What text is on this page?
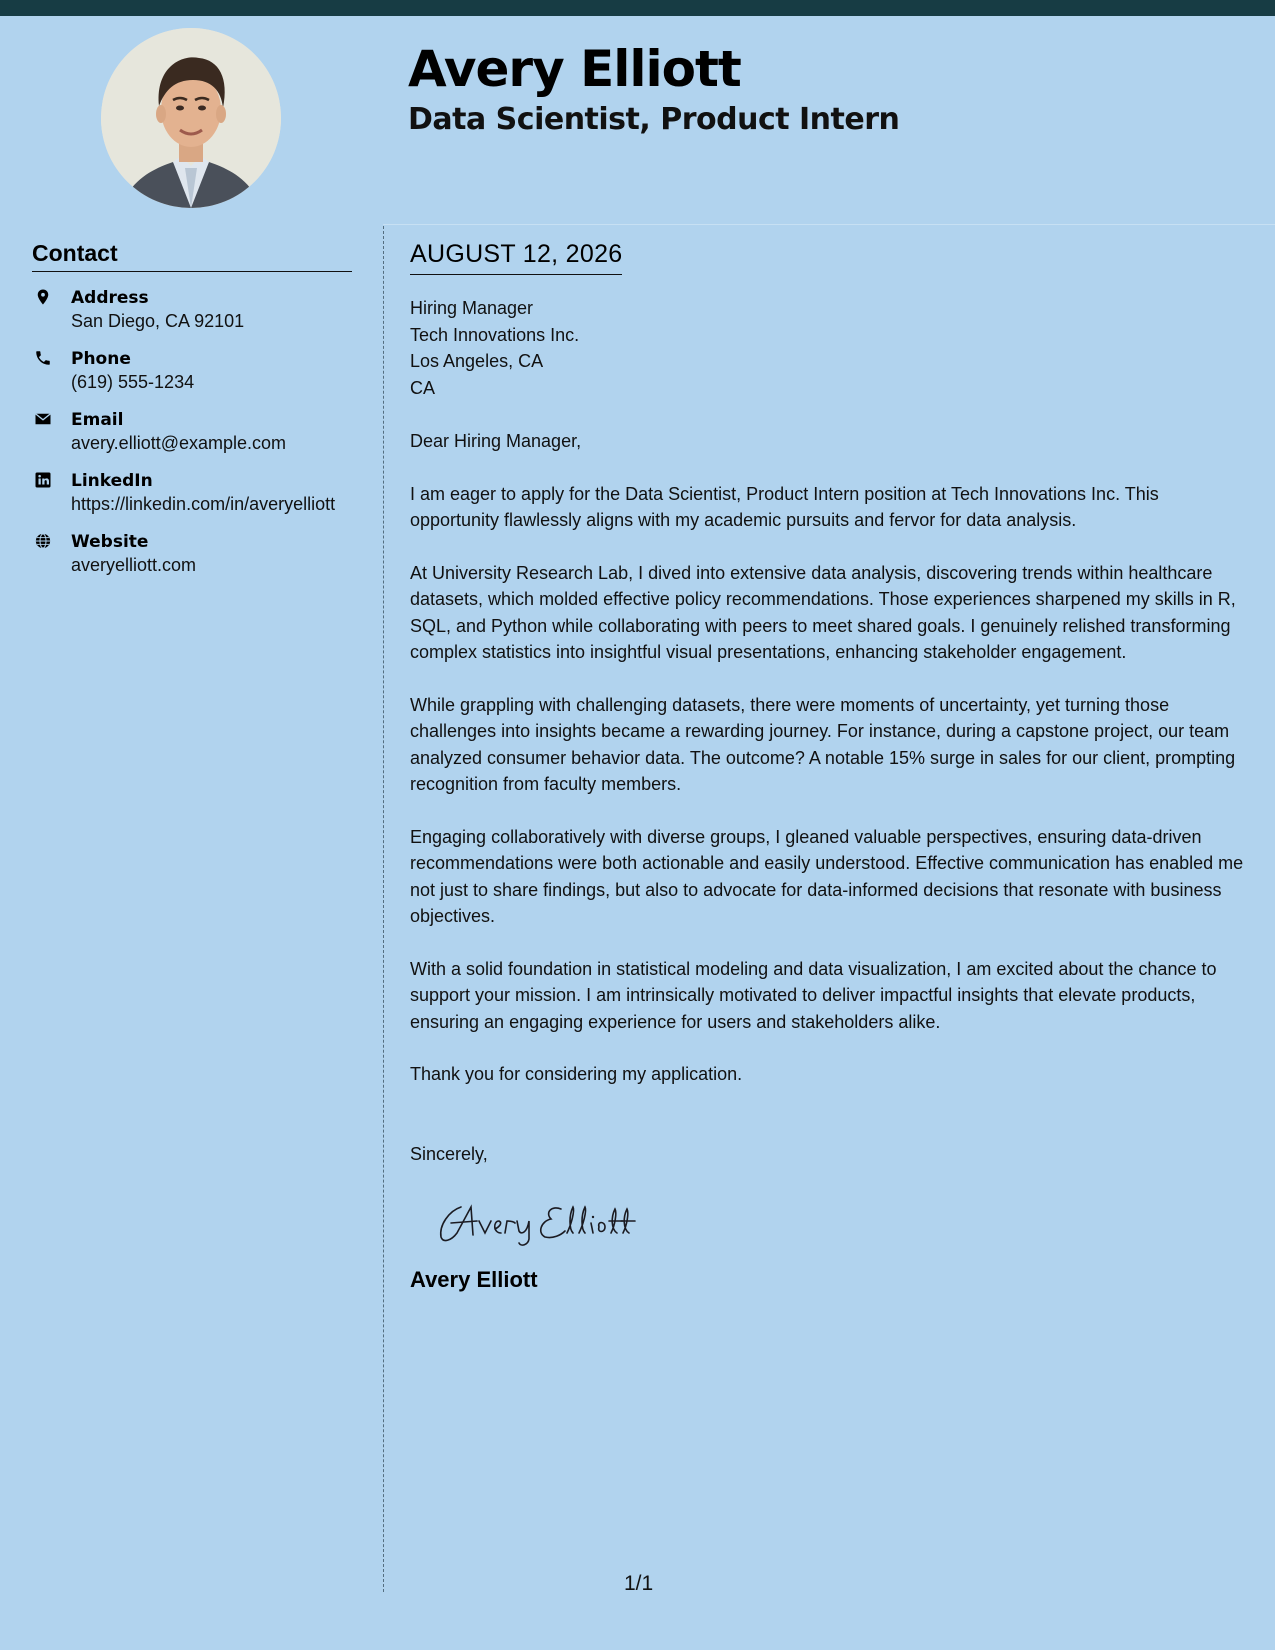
Avery Elliott
Data Scientist, Product Intern
Contact
Address
San Diego, CA 92101
Phone
(619) 555-1234
Email
avery.elliott@example.com
LinkedIn
https://linkedin.com/in/averyelliott
Website
averyelliott.com
AUGUST 12, 2026

Hiring Manager

Tech Innovations Inc.

Los Angeles, CA

CA

Dear Hiring Manager,

I am eager to apply for the Data Scientist, Product Intern position at Tech Innovations Inc. This opportunity flawlessly aligns with my academic pursuits and fervor for data analysis.

At University Research Lab, I dived into extensive data analysis, discovering trends within healthcare datasets, which molded effective policy recommendations. Those experiences sharpened my skills in R, SQL, and Python while collaborating with peers to meet shared goals. I genuinely relished transforming complex statistics into insightful visual presentations, enhancing stakeholder engagement.

While grappling with challenging datasets, there were moments of uncertainty, yet turning those challenges into insights became a rewarding journey. For instance, during a capstone project, our team analyzed consumer behavior data. The outcome? A notable 15% surge in sales for our client, prompting recognition from faculty members.

Engaging collaboratively with diverse groups, I gleaned valuable perspectives, ensuring data-driven recommendations were both actionable and easily understood. Effective communication has enabled me not just to share findings, but also to advocate for data-informed decisions that resonate with business objectives.

With a solid foundation in statistical modeling and data visualization, I am excited about the chance to support your mission. I am intrinsically motivated to deliver impactful insights that elevate products, ensuring an engaging experience for users and stakeholders alike.

Thank you for considering my application.

Sincerely,

Avery Elliott
1/1
